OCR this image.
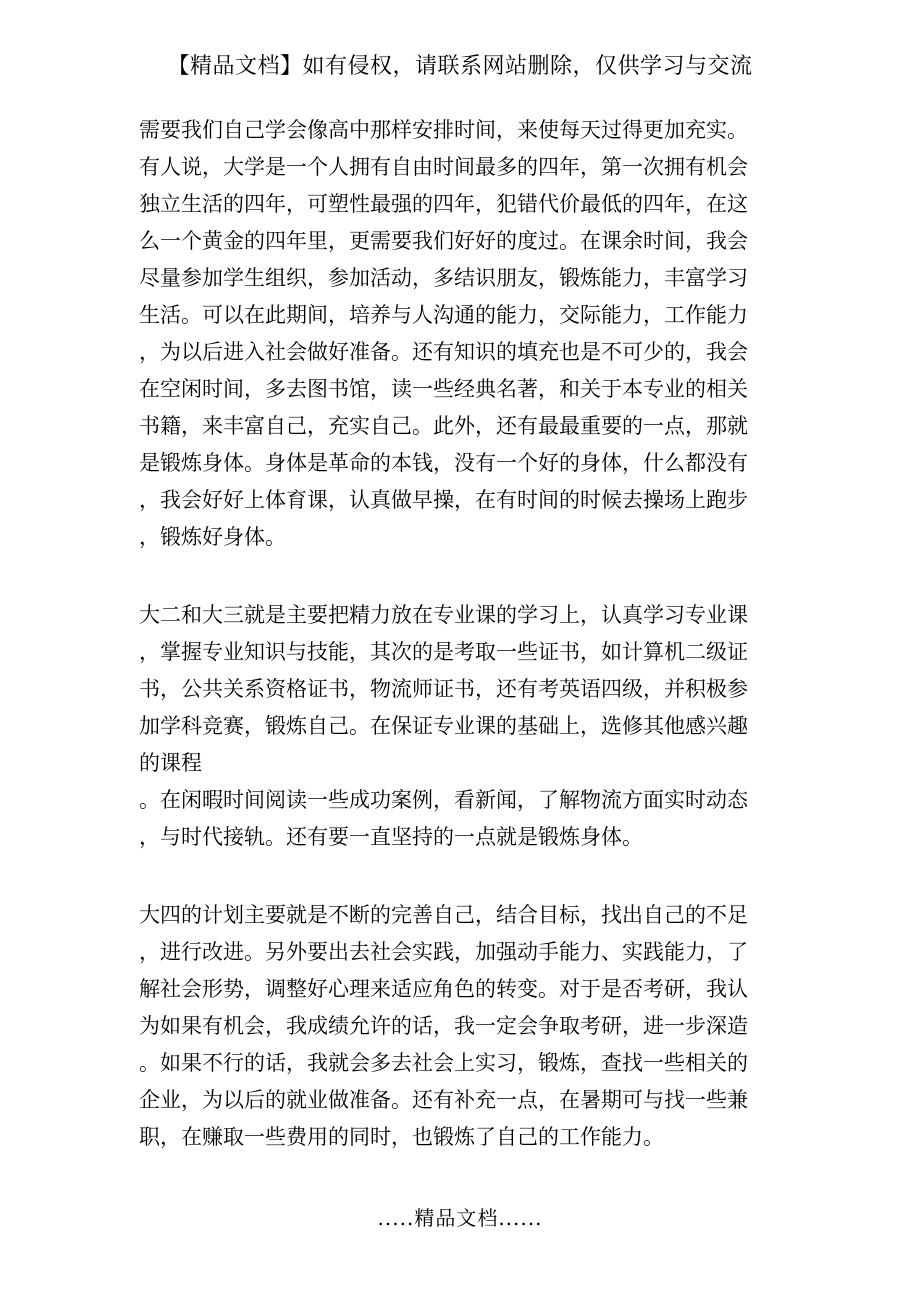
【精品文档】如有侵权，请联系网站删除，仅供学习与交流
需要我们自己学会像高中那样安排时间，来使每天过得更加充实。
有人说，大学是一个人拥有自由时间最多的四年，第一次拥有机会
独立生活的四年，可塑性最强的四年，犯错代价最低的四年，在这
么一个黄金的四年里，更需要我们好好的度过。在课余时间，我会
尽量参加学生组织，参加活动，多结识朋友，锻炼能力，丰富学习
生活。可以在此期间，培养与人沟通的能力，交际能力，工作能力
，为以后进入社会做好准备。还有知识的填充也是不可少的，我会
在空闲时间，多去图书馆，读一些经典名著，和关于本专业的相关
书籍，来丰富自己，充实自己。此外，还有最最重要的一点，那就
是锻炼身体。身体是革命的本钱，没有一个好的身体，什么都没有
，我会好好上体育课，认真做早操，在有时间的时候去操场上跑步
，锻炼好身体。
大二和大三就是主要把精力放在专业课的学习上，认真学习专业课
，掌握专业知识与技能，其次的是考取一些证书，如计算机二级证
书，公共关系资格证书，物流师证书，还有考英语四级，并积极参
加学科竞赛，锻炼自己。在保证专业课的基础上，选修其他感兴趣
的课程
。在闲暇时间阅读一些成功案例，看新闻，了解物流方面实时动态
，与时代接轨。还有要一直坚持的一点就是锻炼身体。
大四的计划主要就是不断的完善自己，结合目标，找出自己的不足
，进行改进。另外要出去社会实践，加强动手能力、实践能力，了
解社会形势，调整好心理来适应角色的转变。对于是否考研，我认
为如果有机会，我成绩允许的话，我一定会争取考研，进一步深造
。如果不行的话，我就会多去社会上实习，锻炼，查找一些相关的
企业，为以后的就业做准备。还有补充一点，在暑期可与找一些兼
职，在赚取一些费用的同时，也锻炼了自己的工作能力。
.....精品文档......
